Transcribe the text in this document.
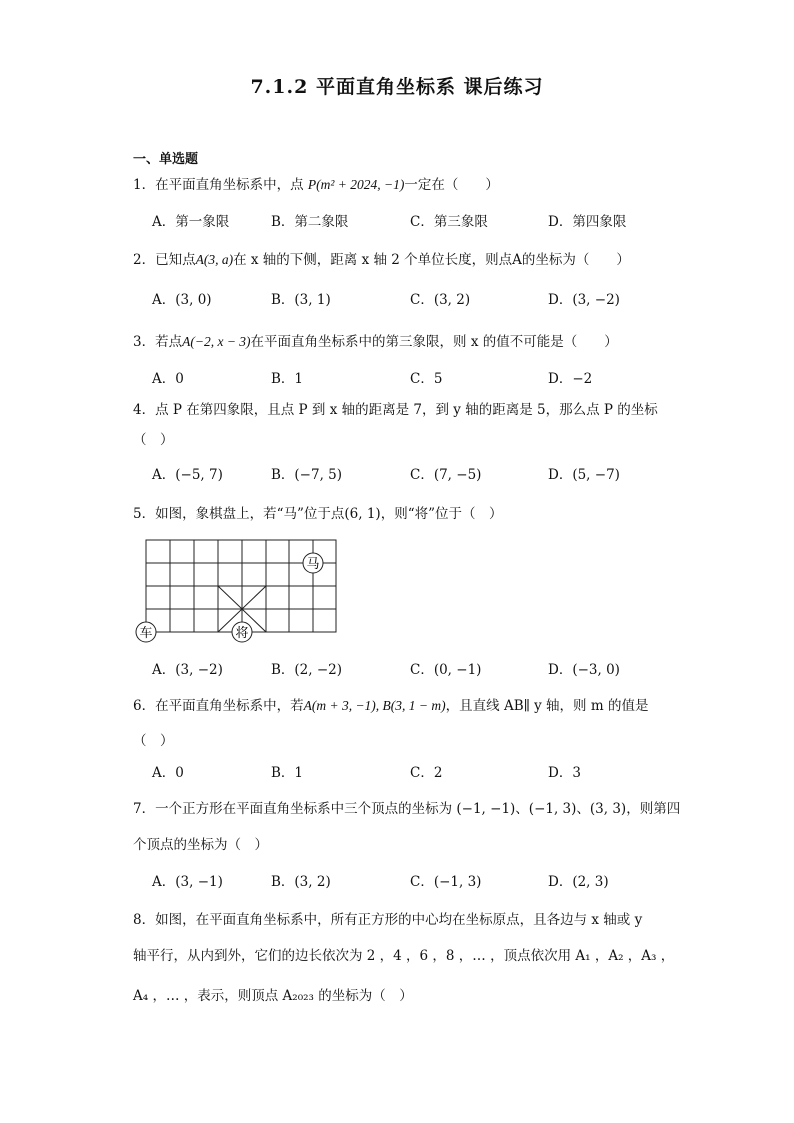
7.1.2 平面直角坐标系 课后练习
一、单选题
1．在平面直角坐标系中，点 P(m² + 2024, −1)一定在（　　）
A．第一象限	B．第二象限	C．第三象限	D．第四象限
2．已知点A(3, a)在 x 轴的下侧，距离 x 轴 2 个单位长度，则点A的坐标为（　　）
A．(3, 0)	B．(3, 1)	C．(3, 2)	D．(3, −2)
3．若点A(−2, x − 3)在平面直角坐标系中的第三象限，则 x 的值不可能是（　　）
A．0	B．1	C．5	D．−2
4．点 P 在第四象限，且点 P 到 x 轴的距离是 7，到 y 轴的距离是 5，那么点 P 的坐标
（　）
A．(−5, 7)	B．(−7, 5)	C．(7, −5)	D．(5, −7)
5．如图，象棋盘上，若“马”位于点(6, 1)，则“将”位于（　）
马
将
车
A．(3, −2)	B．(2, −2)	C．(0, −1)	D．(−3, 0)
6．在平面直角坐标系中，若A(m + 3, −1), B(3, 1 − m)，且直线 AB∥ y 轴，则 m 的值是
（　）
A．0	B．1	C．2	D．3
7．一个正方形在平面直角坐标系中三个顶点的坐标为 (−1, −1)、(−1, 3)、(3, 3)，则第四
个顶点的坐标为（　）
A．(3, −1)	B．(3, 2)	C．(−1, 3)	D．(2, 3)
8．如图，在平面直角坐标系中，所有正方形的中心均在坐标原点，且各边与 x 轴或 y
轴平行，从内到外，它们的边长依次为 2 ，4 ，6 ，8 ，… ，顶点依次用 A₁ ，A₂ ，A₃ ，
A₄ ，… ，表示，则顶点 A₂₀₂₃ 的坐标为（　）
